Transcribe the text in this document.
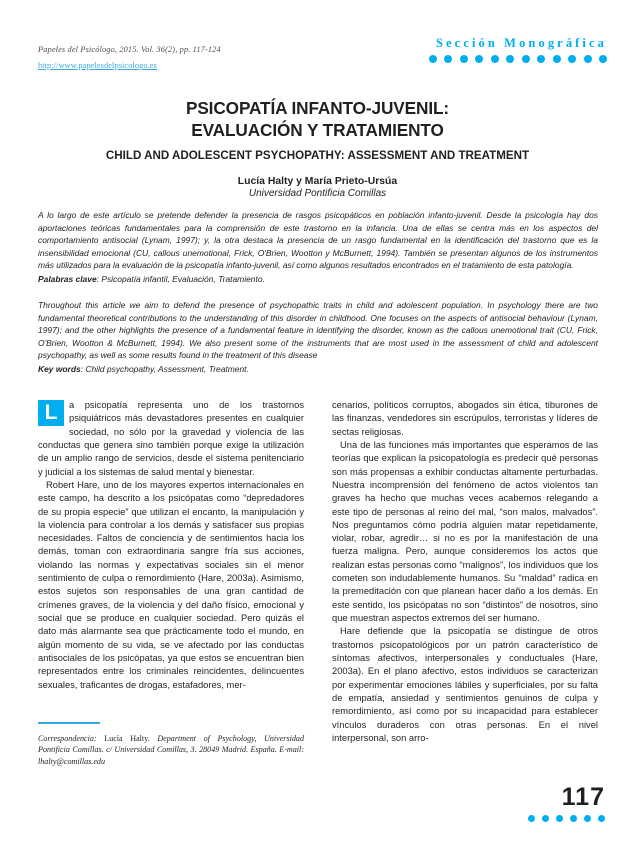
Papeles del Psicólogo, 2015. Vol. 36(2), pp. 117-124
http://www.papelesdelpsicologo.es
Sección Monográfica
PSICOPATÍA INFANTO-JUVENIL:
EVALUACIÓN Y TRATAMIENTO
CHILD AND ADOLESCENT PSYCHOPATHY: ASSESSMENT AND TREATMENT
Lucía Halty y María Prieto-Ursúa
Universidad Pontificia Comillas
A lo largo de este artículo se pretende defender la presencia de rasgos psicopáticos en población infanto-juvenil. Desde la psicología hay dos aportaciones teóricas fundamentales para la comprensión de este trastorno en la infancia. Una de ellas se centra más en los aspectos del comportamiento antisocial (Lynam, 1997); y, la otra destaca la presencia de un rasgo fundamental en la identificación del trastorno que es la insensibilidad emocional (CU, callous unemotional, Frick, O'Brien, Wootton y McBurnett, 1994). También se presentan algunos de los instrumentos más utilizados para la evaluación de la psicopatía infanto-juvenil, así como algunos resultados encontrados en el tratamiento de esta patología.
Palabras clave: Psicopatía infantil, Evaluación, Tratamiento.
Throughout this article we aim to defend the presence of psychopathic traits in child and adolescent population. In psychology there are two fundamental theoretical contributions to the understanding of this disorder in childhood. One focuses on the aspects of antisocial behaviour (Lynam, 1997); and the other highlights the presence of a fundamental feature in identifying the disorder, known as the callous unemotional trait (CU, Frick, O'Brien, Wootton & McBurnett, 1994). We also present some of the instruments that are most used in the assessment of child and adolescent psychopathy, as well as some results found in the treatment of this disease
Key words: Child psychopathy, Assessment, Treatment.

L	a psicopatía representa uno de los trastornos psiquiátricos más devastadores presentes en cualquier sociedad, no sólo por la gravedad y violencia de las conductas que genera sino también porque exige la utilización de un amplio rango de servicios, desde el sistema penitenciario y judicial a los sistemas de salud mental y bienestar.

Robert Hare, uno de los mayores expertos internacionales en este campo, ha descrito a los psicópatas como “depredadores de su propia especie” que utilizan el encanto, la manipulación y la violencia para controlar a los demás y satisfacer sus propias necesidades. Faltos de conciencia y de sentimientos hacia los demás, toman con extraordinaria sangre fría sus acciones, violando las normas y expectativas sociales sin el menor sentimiento de culpa o remordimiento (Hare, 2003a). Asimismo, estos sujetos son responsables de una gran cantidad de crímenes graves, de la violencia y del daño físico, emocional y social que se produce en cualquier sociedad. Pero quizás el dato más alarmante sea que prácticamente todo el mundo, en algún momento de su vida, se ve afectado por las conductas antisociales de los psicópatas, ya que estos se encuentran bien representados entre los criminales reincidentes, delincuentes sexuales, traficantes de drogas, estafadores, mer-

cenarios, políticos corruptos, abogados sin ética, tiburones de las finanzas, vendedores sin escrúpulos, terroristas y líderes de sectas religiosas.

Una de las funciones más importantes que esperamos de las teorías que explican la psicopatología es predecir qué personas son más propensas a exhibir conductas altamente perturbadas. Nuestra incomprensión del fenómeno de actos violentos tan graves ha hecho que muchas veces acabemos relegando a este tipo de personas al reino del mal, “son malos, malvados”. Nos preguntamos cómo podría alguien matar repetidamente, violar, robar, agredir… si no es por la manifestación de una fuerza maligna. Pero, aunque consideremos los actos que realizan estas personas como “malignos”, los individuos que los cometen son indudablemente humanos. Su “maldad” radica en la premeditación con que planean hacer daño a los demás. En este sentido, los psicópatas no son “distintos” de nosotros, sino que muestran aspectos extremos del ser humano.

Hare defiende que la psicopatía se distingue de otros trastornos psicopatológicos por un patrón característico de síntomas afectivos, interpersonales y conductuales (Hare, 2003a). En el plano afectivo, estos individuos se caracterizan por experimentar emociones lábiles y superficiales, por su falta de empatía, ansiedad y sentimientos genuinos de culpa y remordimiento, así como por su incapacidad para establecer vínculos duraderos con otras personas. En el nivel interpersonal, son arro-

Correspondencia: Lucía Halty. Department of Psychology, Universidad Pontificia Comillas. c/ Universidad Comillas, 3. 28049 Madrid. España. E-mail: lhalty@comillas.edu
117
